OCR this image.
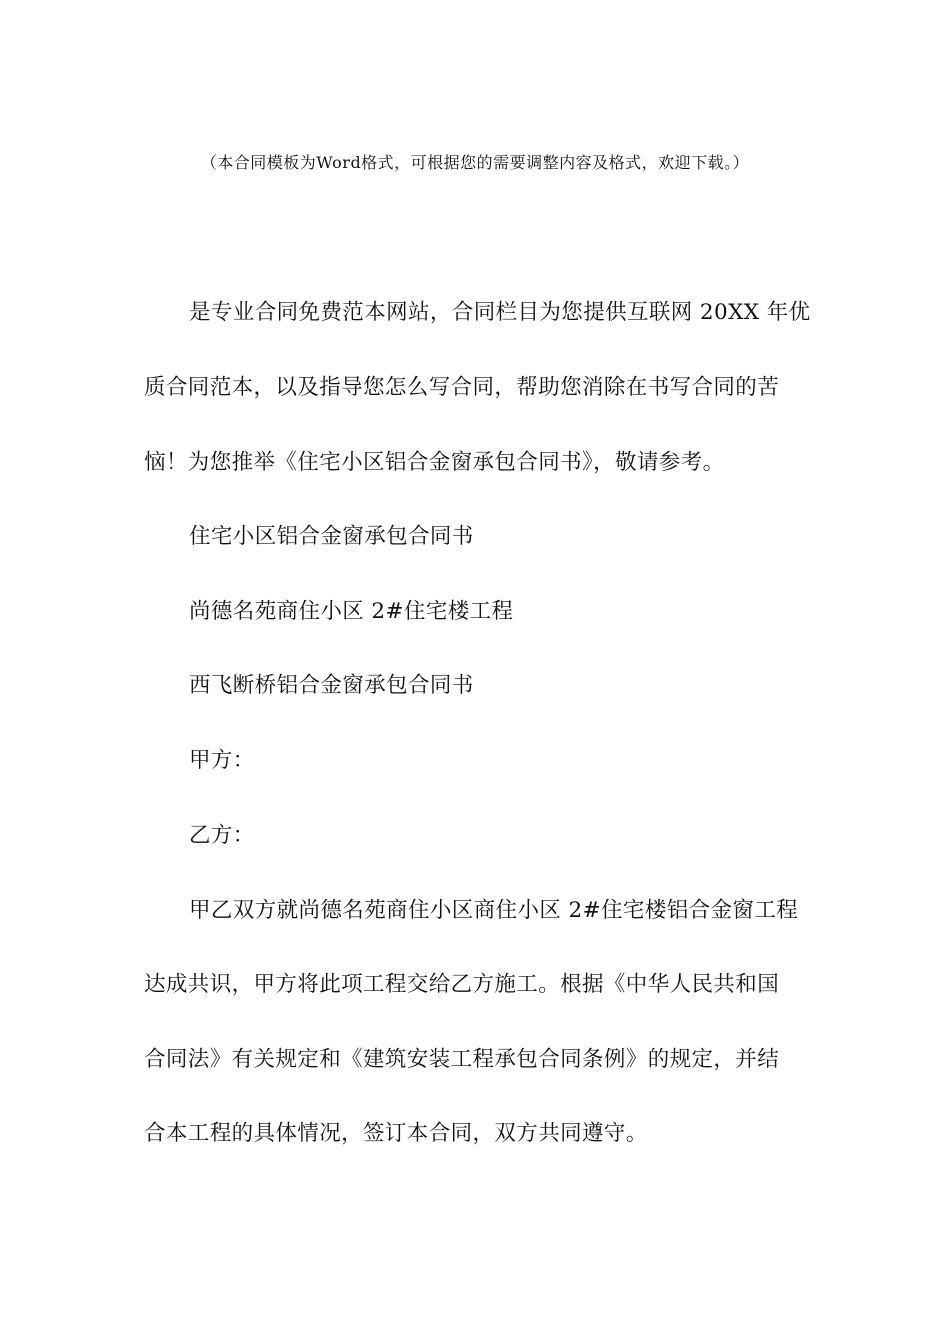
（本合同模板为Word格式，可根据您的需要调整内容及格式，欢迎下载。）
是专业合同免费范本网站，合同栏目为您提供互联网 20XX 年优
质合同范本，以及指导您怎么写合同，帮助您消除在书写合同的苦
恼！为您推举《住宅小区铝合金窗承包合同书》，敬请参考。
住宅小区铝合金窗承包合同书
尚德名苑商住小区 2#住宅楼工程
西飞断桥铝合金窗承包合同书
甲方：
乙方：
甲乙双方就尚德名苑商住小区商住小区 2#住宅楼铝合金窗工程
达成共识，甲方将此项工程交给乙方施工。根据《中华人民共和国
合同法》有关规定和《建筑安装工程承包合同条例》的规定，并结
合本工程的具体情况，签订本合同，双方共同遵守。
